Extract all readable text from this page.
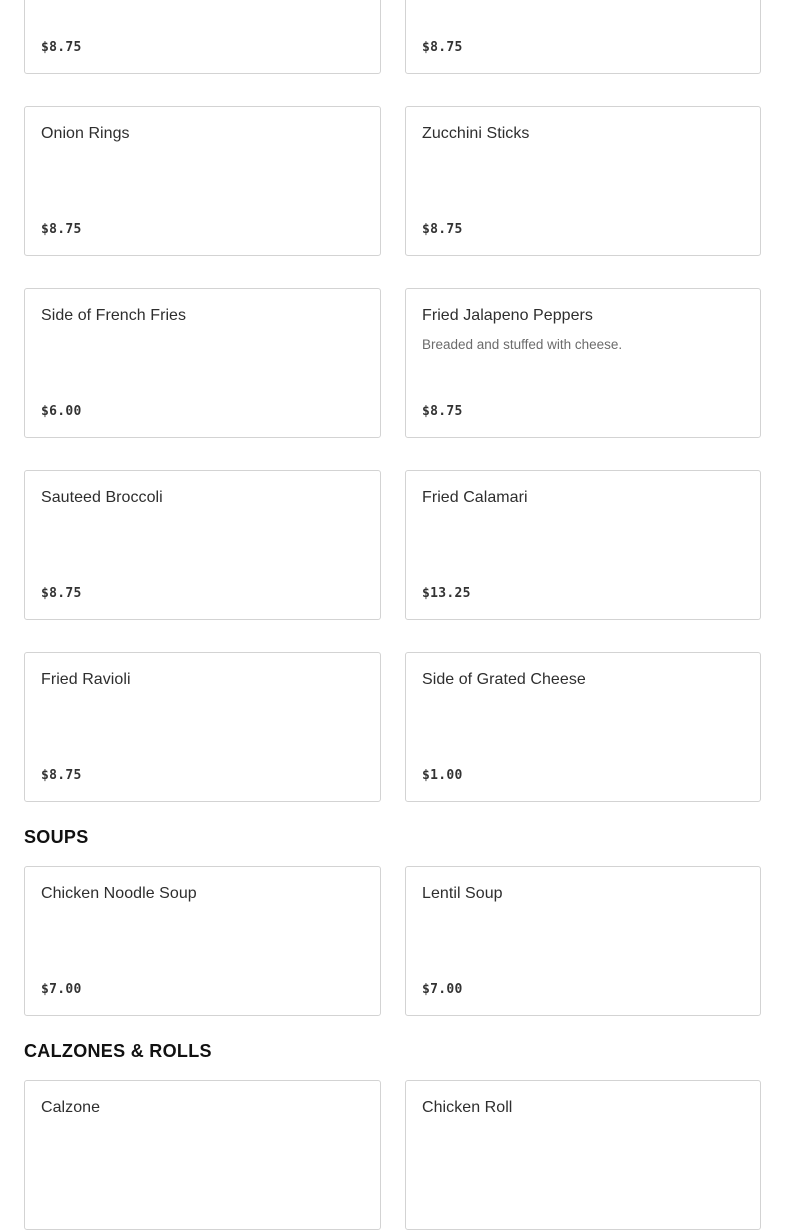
$8.75	$8.75
Onion Rings
$8.75
Zucchini Sticks
$8.75
Side of French Fries
$6.00
Fried Jalapeno Peppers
Breaded and stuffed with cheese.
$8.75
Sauteed Broccoli
$8.75
Fried Calamari
$13.25
Fried Ravioli
$8.75
Side of Grated Cheese
$1.00
SOUPS
Chicken Noodle Soup
$7.00
Lentil Soup
$7.00
CALZONES & ROLLS
Calzone	Chicken Roll
